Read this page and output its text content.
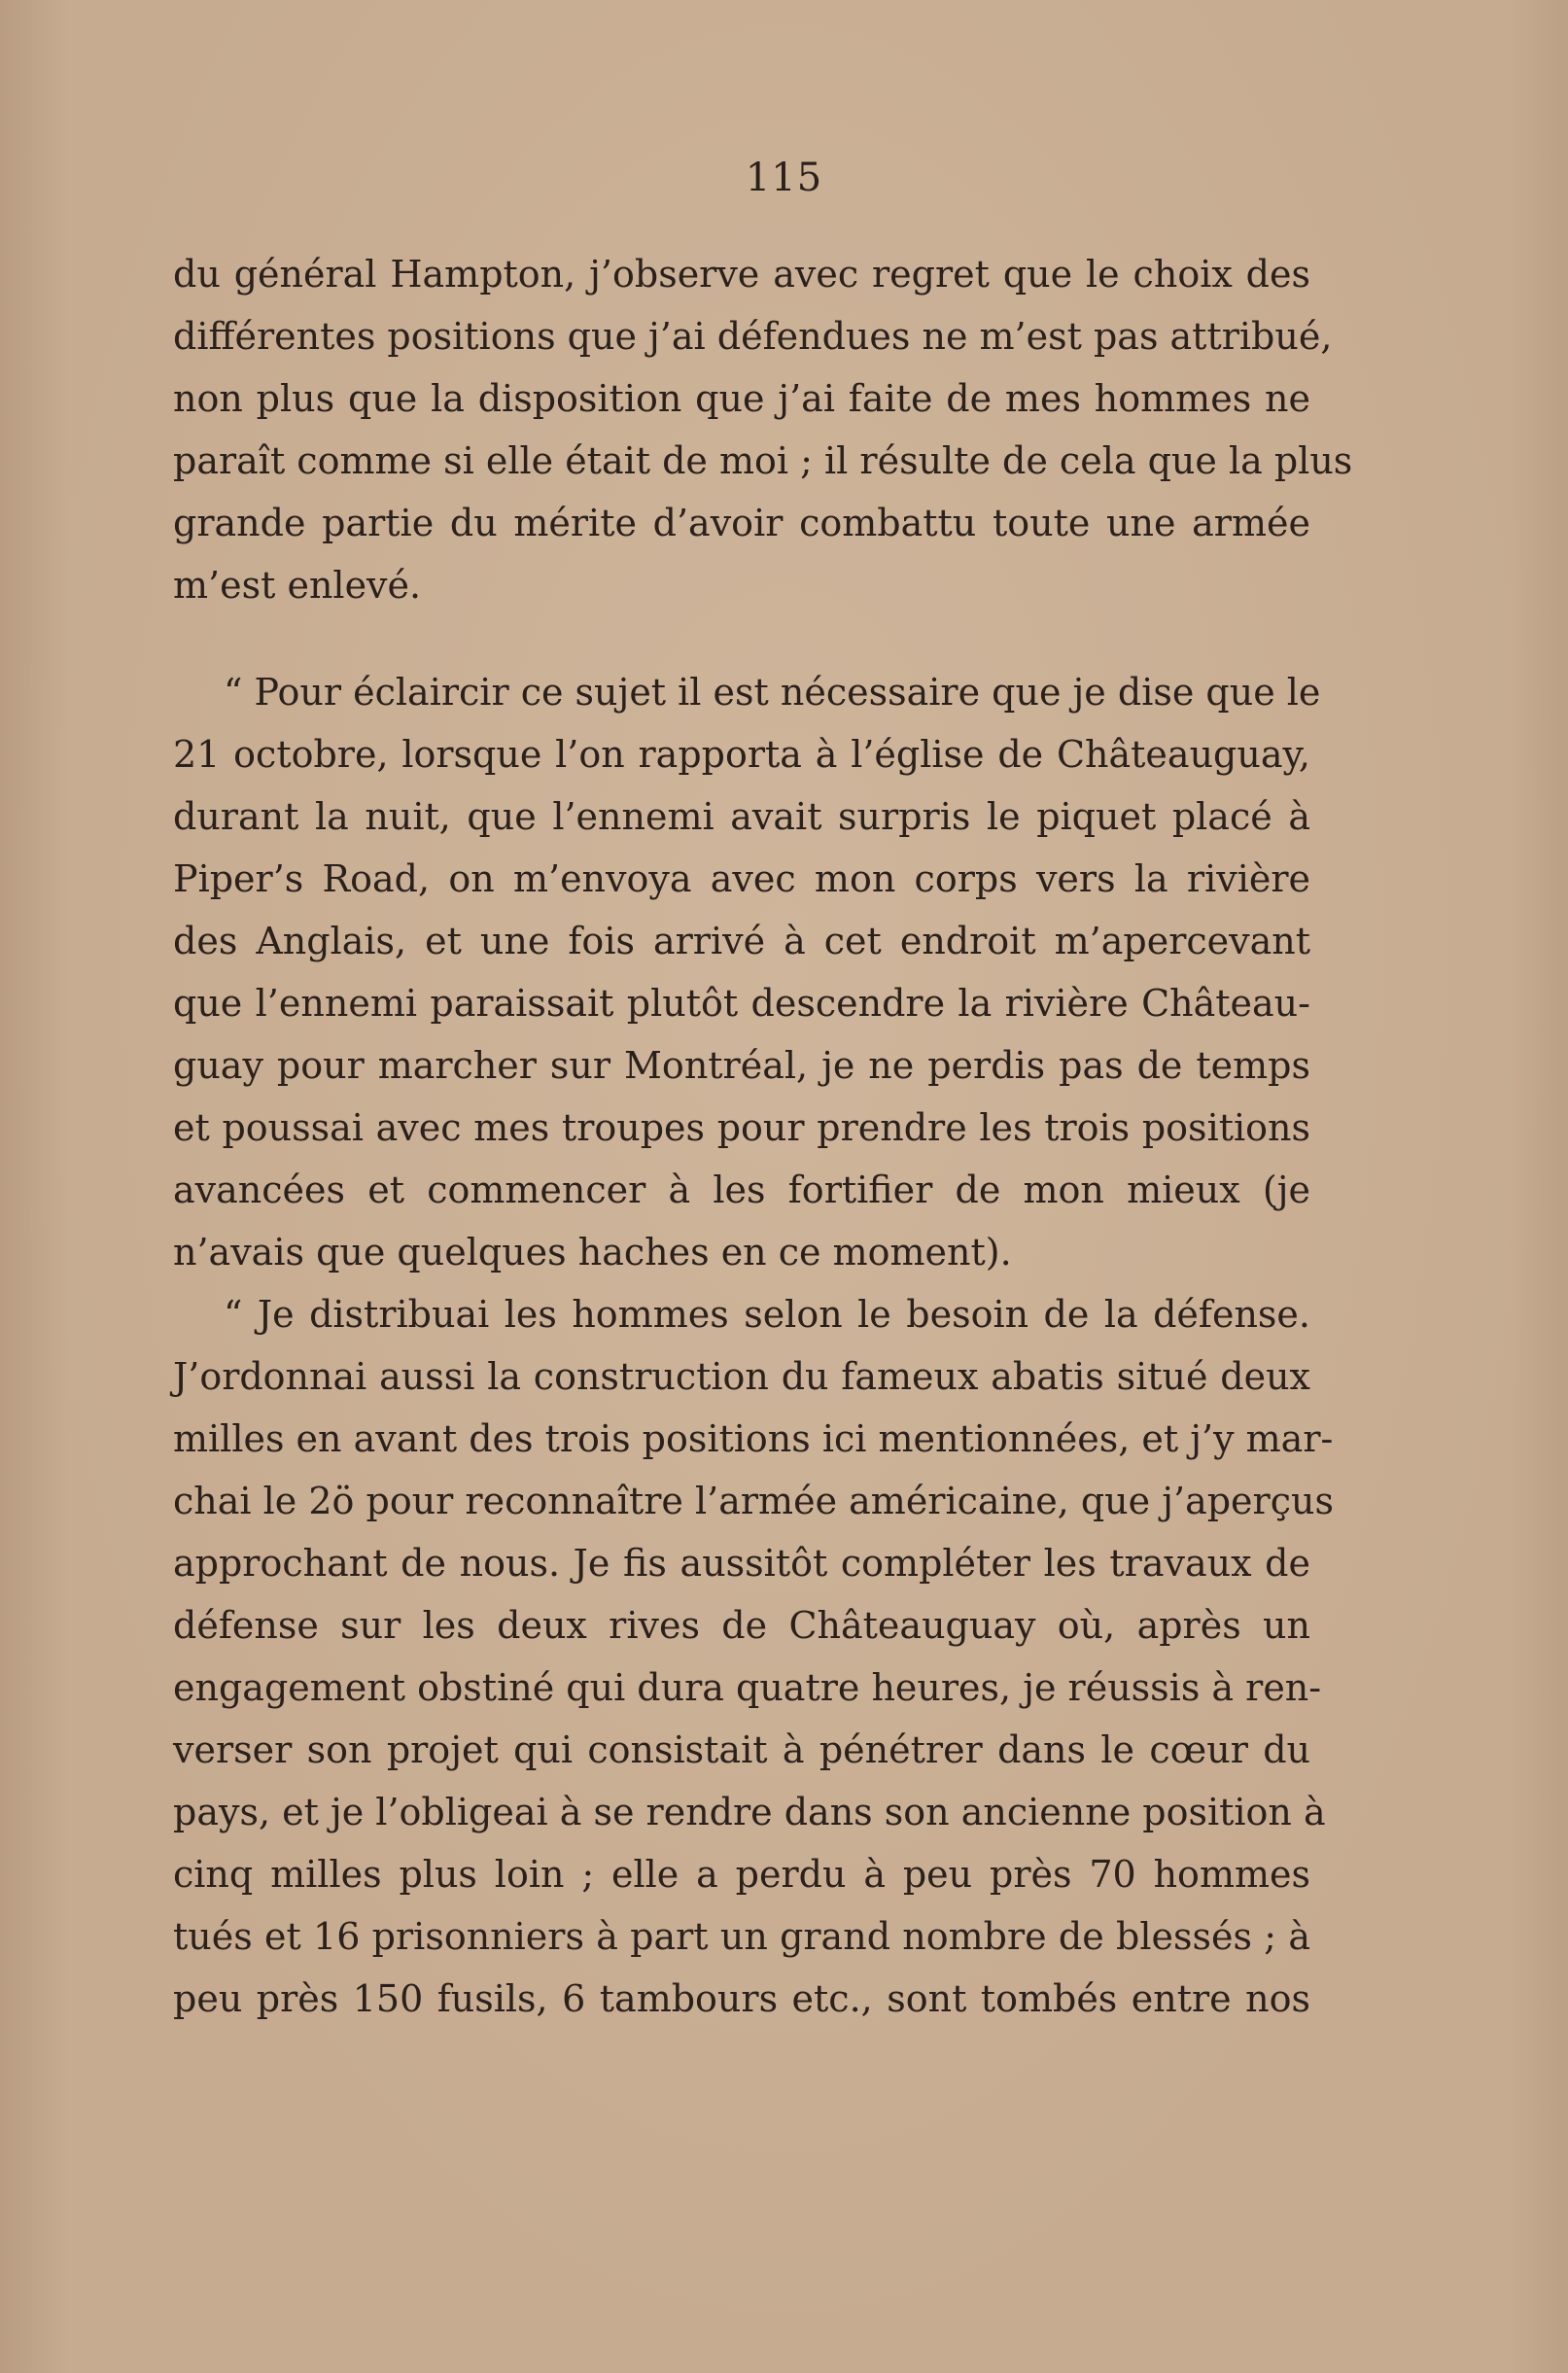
115
du général Hampton, j’observe avec regret que le choix des
différentes positions que j’ai défendues ne m’est pas attribué,
non plus que la disposition que j’ai faite de mes hommes ne
paraît comme si elle était de moi ; il résulte de cela que la plus
grande partie du mérite d’avoir combattu toute une armée
m’est enlevé.
“ Pour éclaircir ce sujet il est nécessaire que je dise que le
21 octobre, lorsque l’on rapporta à l’église de Châteauguay,
durant la nuit, que l’ennemi avait surpris le piquet placé à
Piper’s Road, on m’envoya avec mon corps vers la rivière
des Anglais, et une fois arrivé à cet endroit m’apercevant
que l’ennemi paraissait plutôt descendre la rivière Château-
guay pour marcher sur Montréal, je ne perdis pas de temps
et poussai avec mes troupes pour prendre les trois positions
avancées et commencer à les fortifier de mon mieux (je
n’avais que quelques haches en ce moment).
“ Je distribuai les hommes selon le besoin de la défense.
J’ordonnai aussi la construction du fameux abatis situé deux
milles en avant des trois positions ici mentionnées, et j’y mar-
chai le 2ö pour reconnaître l’armée américaine, que j’aperçus
approchant de nous. Je fis aussitôt compléter les travaux de
défense sur les deux rives de Châteauguay où, après un
engagement obstiné qui dura quatre heures, je réussis à ren-
verser son projet qui consistait à pénétrer dans le cœur du
pays, et je l’obligeai à se rendre dans son ancienne position à
cinq milles plus loin ; elle a perdu à peu près 70 hommes
tués et 16 prisonniers à part un grand nombre de blessés ; à
peu près 150 fusils, 6 tambours etc., sont tombés entre nos
